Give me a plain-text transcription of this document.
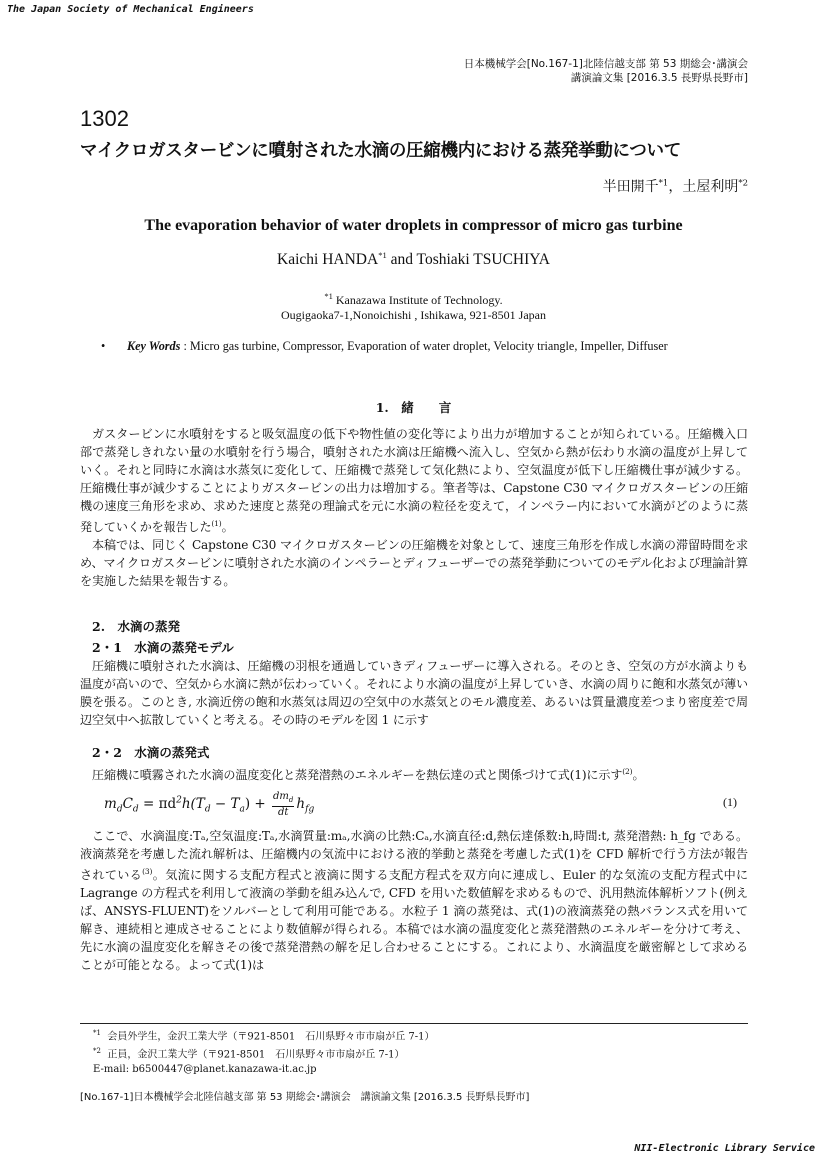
The Japan Society of Mechanical Engineers
日本機械学会[No.167-1]北陸信越支部 第 53 期総会･講演会
講演論文集 [2016.3.5 長野県長野市]
1302
マイクロガスタービンに噴射された水滴の圧縮機内における蒸発挙動について
半田開千$^{*1}$，土屋利明$^{*2}$
The evaporation behavior of water droplets in compressor of micro gas turbine
Kaichi HANDA$^{*1}$ and Toshiaki TSUCHIYA
$^{*1}$ Kanazawa Institute of Technology.
Ougigaoka7-1,Nonoichishi , Ishikawa, 921-8501 Japan
• Key Words : Micro gas turbine, Compressor, Evaporation of water droplet, Velocity triangle, Impeller, Diffuser
1.　緒　　言

ガスタービンに水噴射をすると吸気温度の低下や物性値の変化等により出力が増加することが知られている。圧縮機入口部で蒸発しきれない量の水噴射を行う場合，噴射された水滴は圧縮機へ流入し、空気から熱が伝わり水滴の温度が上昇していく。それと同時に水滴は水蒸気に変化して、圧縮機で蒸発して気化熱により、空気温度が低下し圧縮機仕事が減少する。圧縮機仕事が減少することによりガスタービンの出力は増加する。筆者等は、Capstone C30 マイクロガスタービンの圧縮機の速度三角形を求め、求めた速度と蒸発の理論式を元に水滴の粒径を変えて，インペラー内において水滴がどのように蒸発していくかを報告した$^{(1)}$。

本稿では、同じく Capstone C30 マイクロガスタービンの圧縮機を対象として、速度三角形を作成し水滴の滞留時間を求め、マイクロガスタービンに噴射された水滴のインペラーとディフューザーでの蒸発挙動についてのモデル化および理論計算を実施した結果を報告する。

2.　水滴の蒸発
2・1　水滴の蒸発モデル

圧縮機に噴射された水滴は、圧縮機の羽根を通過していきディフューザーに導入される。そのとき、空気の方が水滴よりも温度が高いので、空気から水滴に熱が伝わっていく。それにより水滴の温度が上昇していき、水滴の周りに飽和水蒸気が薄い膜を張る。このとき, 水滴近傍の飽和水蒸気は周辺の空気中の水蒸気とのモル濃度差、あるいは質量濃度差つまり密度差で周辺空気中へ拡散していくと考える。その時のモデルを図 1 に示す

2・2　水滴の蒸発式

圧縮機に噴霧された水滴の温度変化と蒸発潜熱のエネルギーを熱伝達の式と関係づけて式(1)に示す$^{(2)}$。

$m_dC_d = \pi d^2h(T_d - T_a) + \frac{dm_d}{dt} h_{fg}$
(1)

ここで、水滴温度:Tₐ,空気温度:Tₐ,水滴質量:mₐ,水滴の比熱:Cₐ,水滴直径:d,熱伝達係数:h,時間:t, 蒸発潜熱: h_fg である。液滴蒸発を考慮した流れ解析は、圧縮機内の気流中における液的挙動と蒸発を考慮した式(1)を CFD 解析で行う方法が報告されている$^{(3)}$。気流に関する支配方程式と液滴に関する支配方程式を双方向に連成し、Euler 的な気流の支配方程式中に Lagrange の方程式を利用して液滴の挙動を組み込んで, CFD を用いた数値解を求めるもので、汎用熱流体解析ソフト(例えば、ANSYS-FLUENT)をソルバーとして利用可能である。水粒子 1 滴の蒸発は、式(1)の液滴蒸発の熱バランス式を用いて解き、連続相と連成させることにより数値解が得られる。本稿では水滴の温度変化と蒸発潜熱のエネルギーを分けて考え、先に水滴の温度変化を解きその後で蒸発潜熱の解を足し合わせることにする。これにより、水滴温度を厳密解として求めることが可能となる。よって式(1)は

$^{*1}$ 会員外学生，金沢工業大学（〒921-8501　石川県野々市市扇が丘 7-1）
$^{*2}$ 正員，金沢工業大学（〒921-8501　石川県野々市市扇が丘 7-1）
E-mail: b6500447@planet.kanazawa-it.ac.jp
[No.167-1]日本機械学会北陸信越支部 第 53 期総会･講演会　講演論文集 [2016.3.5 長野県長野市]
NII-Electronic Library Service
